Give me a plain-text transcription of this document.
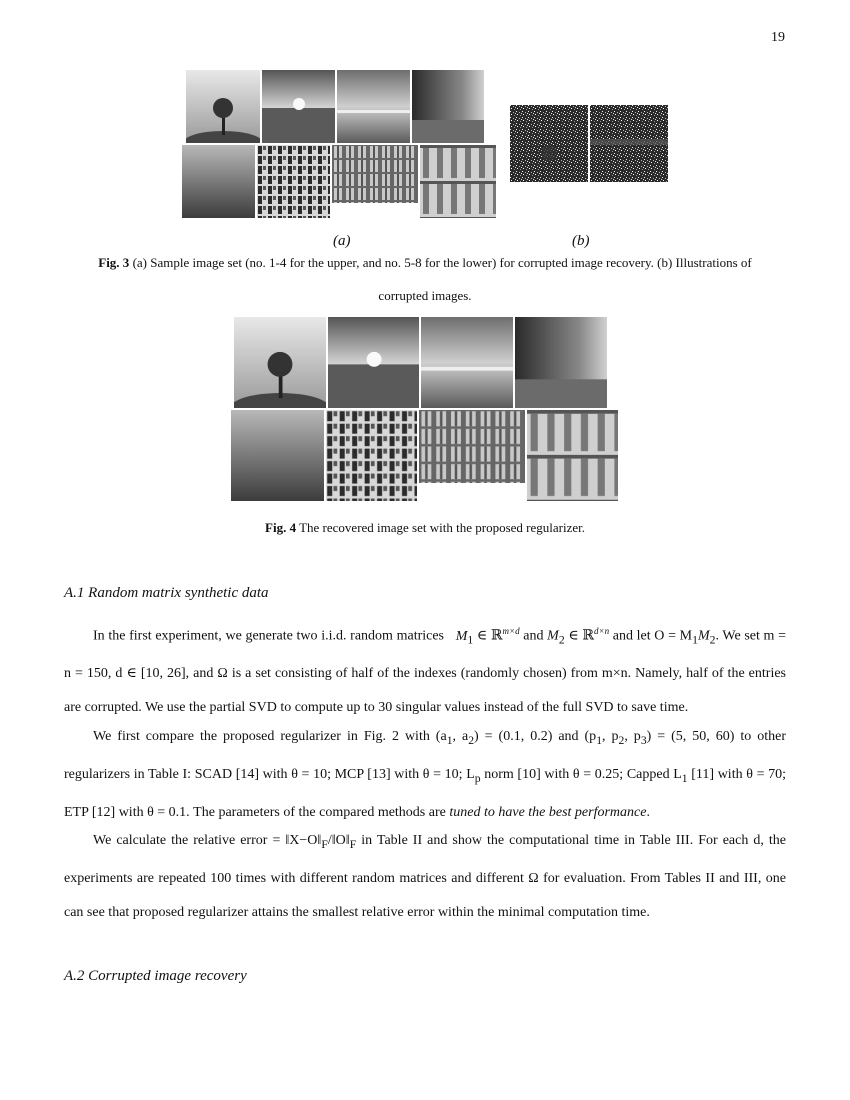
19
(a)	(b)
Fig. 3 (a) Sample image set (no. 1-4 for the upper, and no. 5-8 for the lower) for corrupted image recovery. (b) Illustrations of
corrupted images.
Fig. 4 The recovered image set with the proposed regularizer.
A.1 Random matrix synthetic data
In the first experiment, we generate two i.i.d. random matrices $M_1$ ∈ ℝ$^{m\times d}$ and $M_2$ ∈ ℝ$^{d\times n}$ and let $O = M_1M_2$. We set m = n = 150, d ∈ [10, 26], and Ω is a set consisting of half of the indexes (randomly chosen) from m×n. Namely, half of the entries are corrupted. We use the partial SVD to compute up to 30 singular values instead of the full SVD to save time.
We first compare the proposed regularizer in Fig. 2 with ($a_1$, $a_2) = (0.1$, 0.2) and ($p_1$, $p_2$, $p_3) = (5$, 50, 60) to other regularizers in Table I: SCAD [14] with θ = 10; MCP [13] with θ = 10; $L_p$ norm [10] with θ = 0.25; Capped $L_1$ [11] with θ = 70; ETP [12] with θ = 0.1. The parameters of the compared methods are tuned to have the best performance.
We calculate the relative error = $‖X-O‖_F/‖O‖_F$ in Table II and show the computational time in Table III. For each d, the experiments are repeated 100 times with different random matrices and different Ω for evaluation. From Tables II and III, one can see that proposed regularizer attains the smallest relative error within the minimal computation time.
A.2 Corrupted image recovery
